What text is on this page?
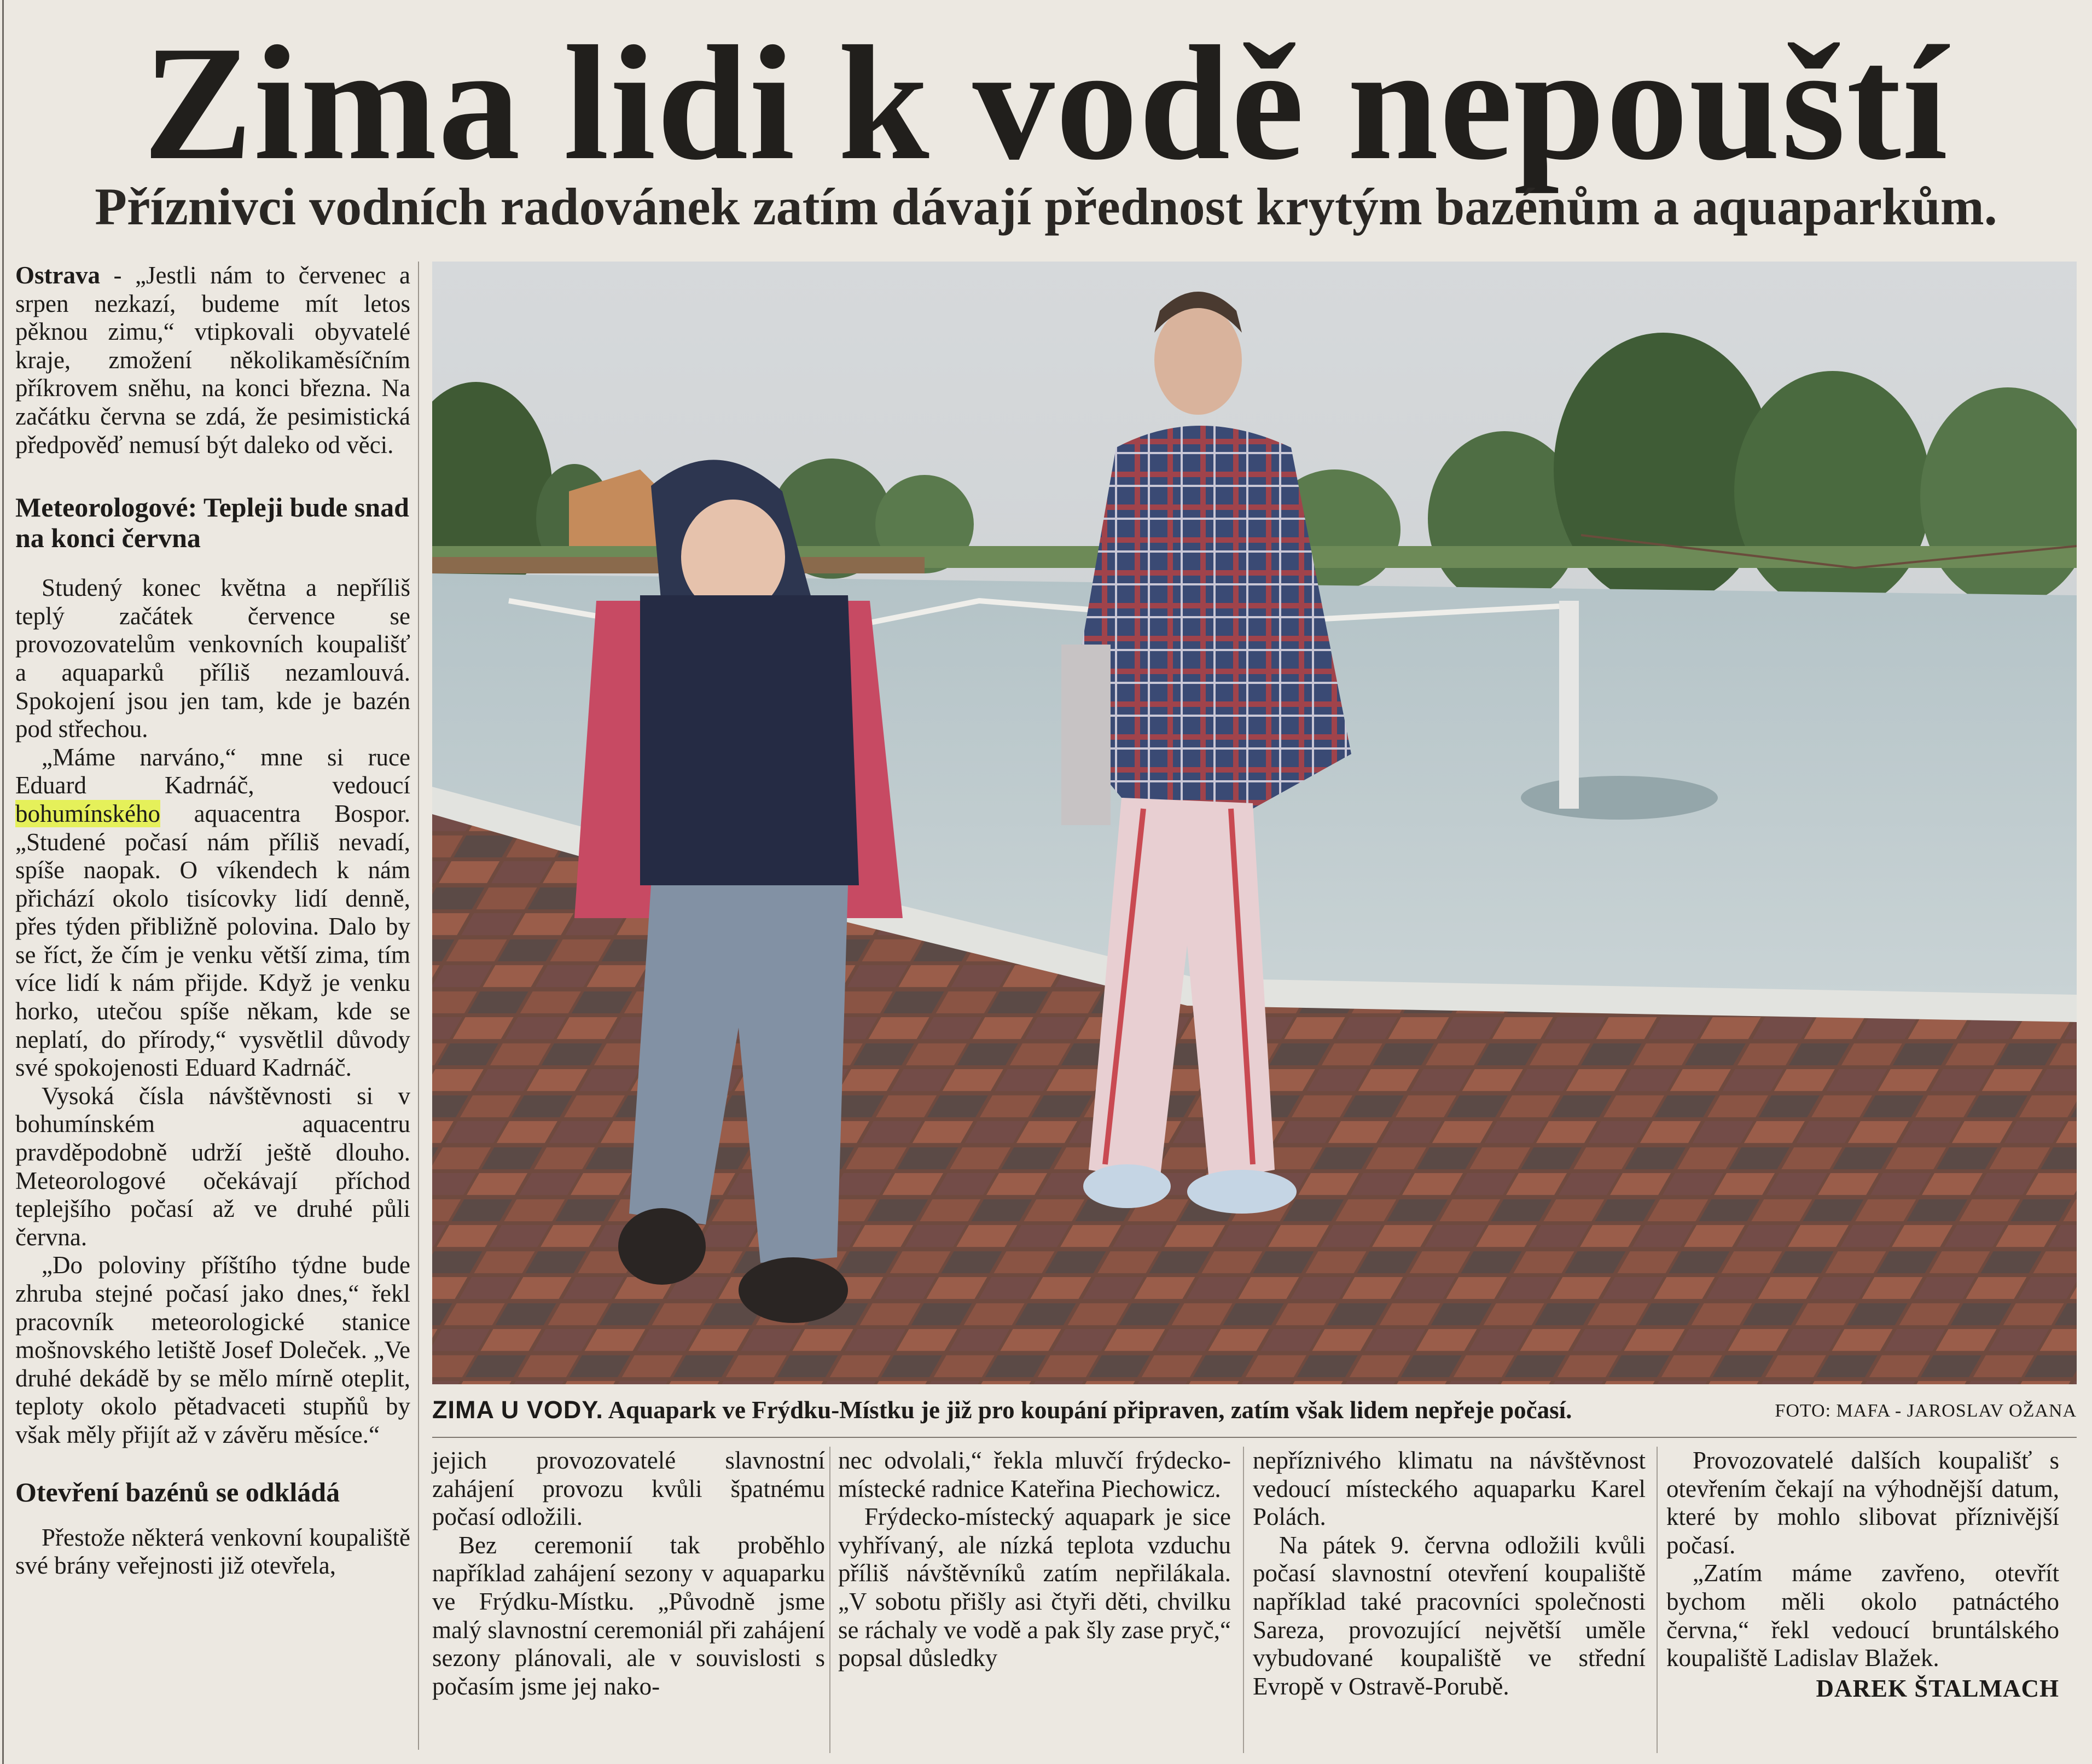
Zima lidi k vodě nepouští
Příznivci vodních radovánek zatím dávají přednost krytým bazénům a aquaparkům.

Ostrava - „Jestli nám to červenec a srpen nezkazí, budeme mít letos pěknou zimu,“ vtipkovali obyvatelé kraje, zmožení několikaměsíčním příkrovem sněhu, na konci března. Na začátku června se zdá, že pesimistická předpověď nemusí být daleko od věci.

Meteorologové: Tepleji bude snad na konci června

Studený konec května a nepříliš teplý začátek července se provozovatelům venkovních koupališť a aquaparků příliš nezamlouvá. Spokojení jsou jen tam, kde je bazén pod střechou.

„Máme narváno,“ mne si ruce Eduard Kadrnáč, vedoucí bohumínského aquacentra Bospor. „Studené počasí nám příliš nevadí, spíše naopak. O víkendech k nám přichází okolo tisícovky lidí denně, přes týden přibližně polovina. Dalo by se říct, že čím je venku větší zima, tím více lidí k nám přijde. Když je venku horko, utečou spíše někam, kde se neplatí, do přírody,“ vysvětlil důvody své spokojenosti Eduard Kadrnáč.

Vysoká čísla návštěvnosti si v bohumínském aquacentru pravděpodobně udrží ještě dlouho. Meteorologové očekávají příchod teplejšího počasí až ve druhé půli června.

„Do poloviny příštího týdne bude zhruba stejné počasí jako dnes,“ řekl pracovník meteorologické stanice mošnovského letiště Josef Doleček. „Ve druhé dekádě by se mělo mírně oteplit, teploty okolo pětadvaceti stupňů by však měly přijít až v závěru měsíce.“

Otevření bazénů se odkládá

Přestože některá venkovní koupaliště své brány veřejnosti již otevřela,

ZIMA U VODY. Aquapark ve Frýdku-Místku je již pro koupání připraven, zatím však lidem nepřeje počasí.	FOTO: MAFA - JAROSLAV OŽANA

jejich provozovatelé slavnostní zahájení provozu kvůli špatnému počasí odložili.

Bez ceremonií tak proběhlo například zahájení sezony v aquaparku ve Frýdku-Místku. „Původně jsme malý slavnostní ceremoniál při zahájení sezony plánovali, ale v souvislosti s počasím jsme jej nako-

nec odvolali,“ řekla mluvčí frýdecko-místecké radnice Kateřina Piechowicz.

Frýdecko-místecký aquapark je sice vyhřívaný, ale nízká teplota vzduchu příliš návštěvníků zatím nepřilákala. „V sobotu přišly asi čtyři děti, chvilku se ráchaly ve vodě a pak šly zase pryč,“ popsal důsledky

nepříznivého klimatu na návštěvnost vedoucí místeckého aquaparku Karel Polách.

Na pátek 9. června odložili kvůli počasí slavnostní otevření koupaliště například také pracovníci společnosti Sareza, provozující největší uměle vybudované koupaliště ve střední Evropě v Ostravě-Porubě.

Provozovatelé dalších koupališť s otevřením čekají na výhodnější datum, které by mohlo slibovat příznivější počasí.

„Zatím máme zavřeno, otevřít bychom měli okolo patnáctého června,“ řekl vedoucí bruntálského koupaliště Ladislav Blažek.

DAREK ŠTALMACH
